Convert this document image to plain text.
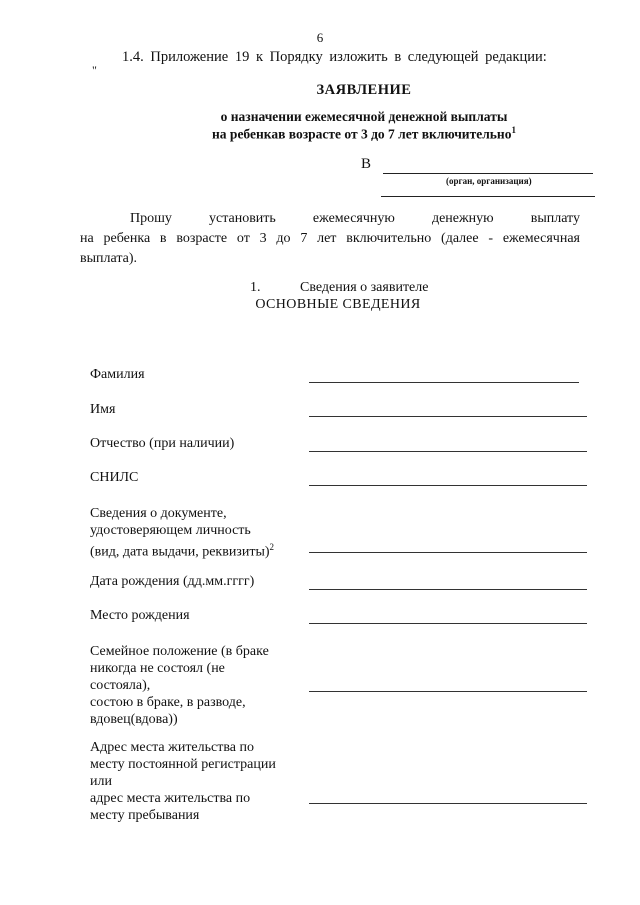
6
1.4. Приложение 19 к Порядку изложить в следующей редакции:
"
ЗАЯВЛЕНИЕ
о назначении ежемесячной денежной выплаты
на ребенкав возрасте от 3 до 7 лет включительно$^1$
В
(орган, организация)
Прошу установить ежемесячную денежную выплату
на ребенка в возрасте от 3 до 7 лет включительно (далее - ежемесячная
выплата).
1.	Сведения о заявителе
ОСНОВНЫЕ СВЕДЕНИЯ
Фамилия
Имя
Отчество (при наличии)
СНИЛС
Сведения о документе,
удостоверяющем личность
(вид, дата выдачи, реквизиты)$^2$
Дата рождения (дд.мм.гггг)
Место рождения
Семейное положение (в браке
никогда не состоял (не
состояла),
состою в браке, в разводе,
вдовец(вдова))
Адрес места жительства по
месту постоянной регистрации
или
адрес места жительства по
месту пребывания
